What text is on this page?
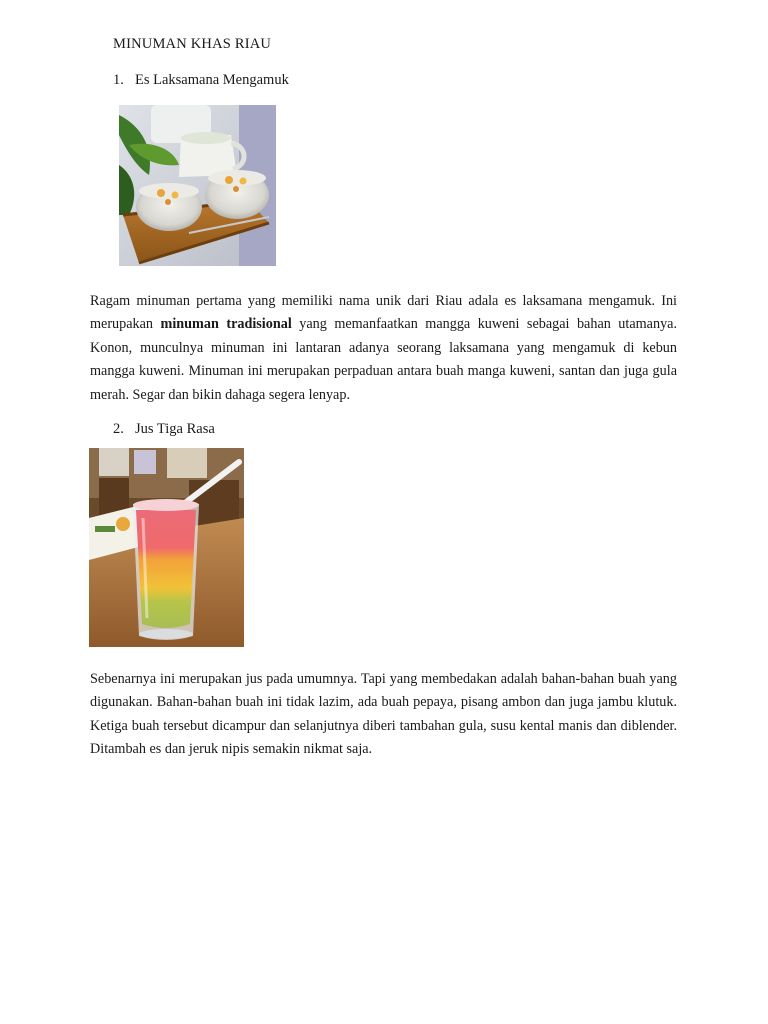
MINUMAN KHAS RIAU
1. Es Laksamana Mengamuk

Ragam minuman pertama yang memiliki nama unik dari Riau adala es laksamana mengamuk. Ini merupakan minuman tradisional yang memanfaatkan mangga kuweni sebagai bahan utamanya. Konon, munculnya minuman ini lantaran adanya seorang laksamana yang mengamuk di kebun mangga kuweni. Minuman ini merupakan perpaduan antara buah manga kuweni, santan dan juga gula merah. Segar dan bikin dahaga segera lenyap.

2. Jus Tiga Rasa

Sebenarnya ini merupakan jus pada umumnya. Tapi yang membedakan adalah bahan-bahan buah yang digunakan. Bahan-bahan buah ini tidak lazim, ada buah pepaya, pisang ambon dan juga jambu klutuk. Ketiga buah tersebut dicampur dan selanjutnya diberi tambahan gula, susu kental manis dan diblender. Ditambah es dan jeruk nipis semakin nikmat saja.
